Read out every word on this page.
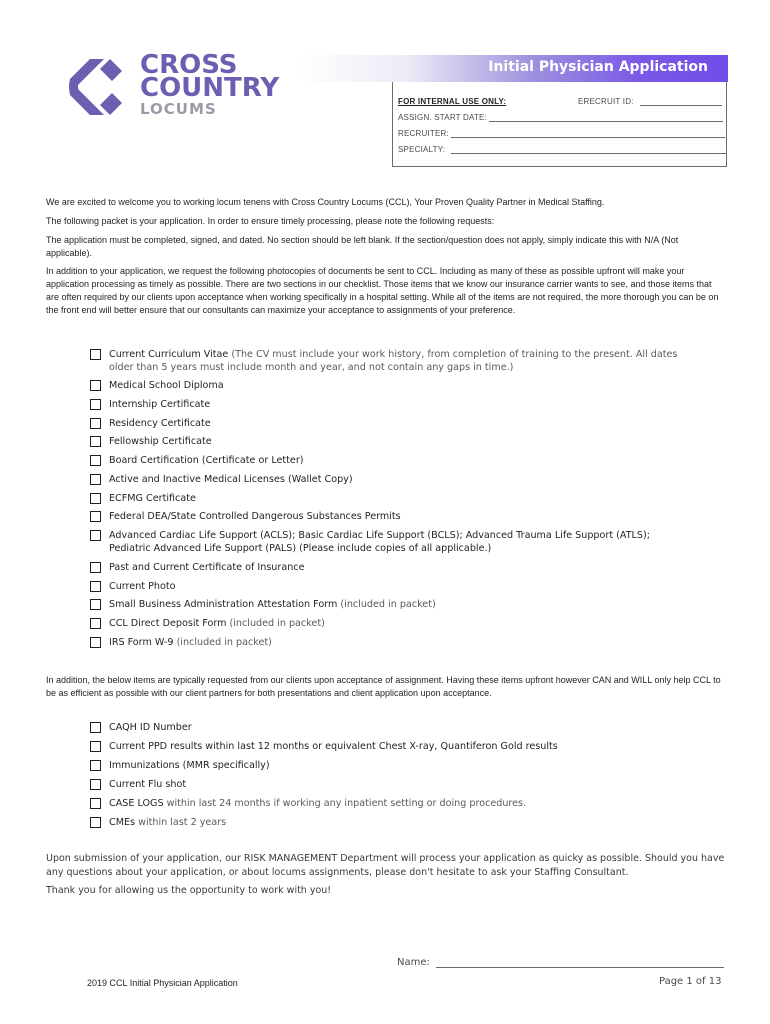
CROSS
COUNTRY
LOCUMS
Initial Physician Application
FOR INTERNAL USE ONLY:	ERECRUIT ID:
ASSIGN. START DATE:
RECRUITER:
SPECIALTY:
We are excited to welcome you to working locum tenens with Cross Country Locums (CCL), Your Proven Quality Partner in Medical Staffing.
The following packet is your application. In order to ensure timely processing, please note the following requests:
The application must be completed, signed, and dated. No section should be left blank. If the section/question does not apply, simply indicate this with N/A (Not applicable).
In addition to your application, we request the following photocopies of documents be sent to CCL. Including as many of these as possible upfront will make your application processing as timely as possible. There are two sections in our checklist. Those items that we know our insurance carrier wants to see, and those items that are often required by our clients upon acceptance when working specifically in a hospital setting. While all of the items are not required, the more thorough you can be on the front end will better ensure that our consultants can maximize your acceptance to assignments of your preference.
Current Curriculum Vitae (The CV must include your work history, from completion of training to the present. All dates older than 5 years must include month and year, and not contain any gaps in time.)
Medical School Diploma
Internship Certificate
Residency Certificate
Fellowship Certificate
Board Certification (Certificate or Letter)
Active and Inactive Medical Licenses (Wallet Copy)
ECFMG Certificate
Federal DEA/State Controlled Dangerous Substances Permits
Advanced Cardiac Life Support (ACLS); Basic Cardiac Life Support (BCLS); Advanced Trauma Life Support (ATLS); Pediatric Advanced Life Support (PALS) (Please include copies of all applicable.)
Past and Current Certificate of Insurance
Current Photo
Small Business Administration Attestation Form (included in packet)
CCL Direct Deposit Form (included in packet)
IRS Form W-9 (included in packet)
In addition, the below items are typically requested from our clients upon acceptance of assignment. Having these items upfront however CAN and WILL only help CCL to be as efficient as possible with our client partners for both presentations and client application upon acceptance.
CAQH ID Number
Current PPD results within last 12 months or equivalent Chest X-ray, Quantiferon Gold results
Immunizations (MMR specifically)
Current Flu shot
CASE LOGS within last 24 months if working any inpatient setting or doing procedures.
CMEs within last 2 years
Upon submission of your application, our RISK MANAGEMENT Department will process your application as quicky as possible. Should you have any questions about your application, or about locums assignments, please don't hesitate to ask your Staffing Consultant.
Thank you for allowing us the opportunity to work with you!
Name:
2019 CCL Initial Physician Application	Page 1 of 13
